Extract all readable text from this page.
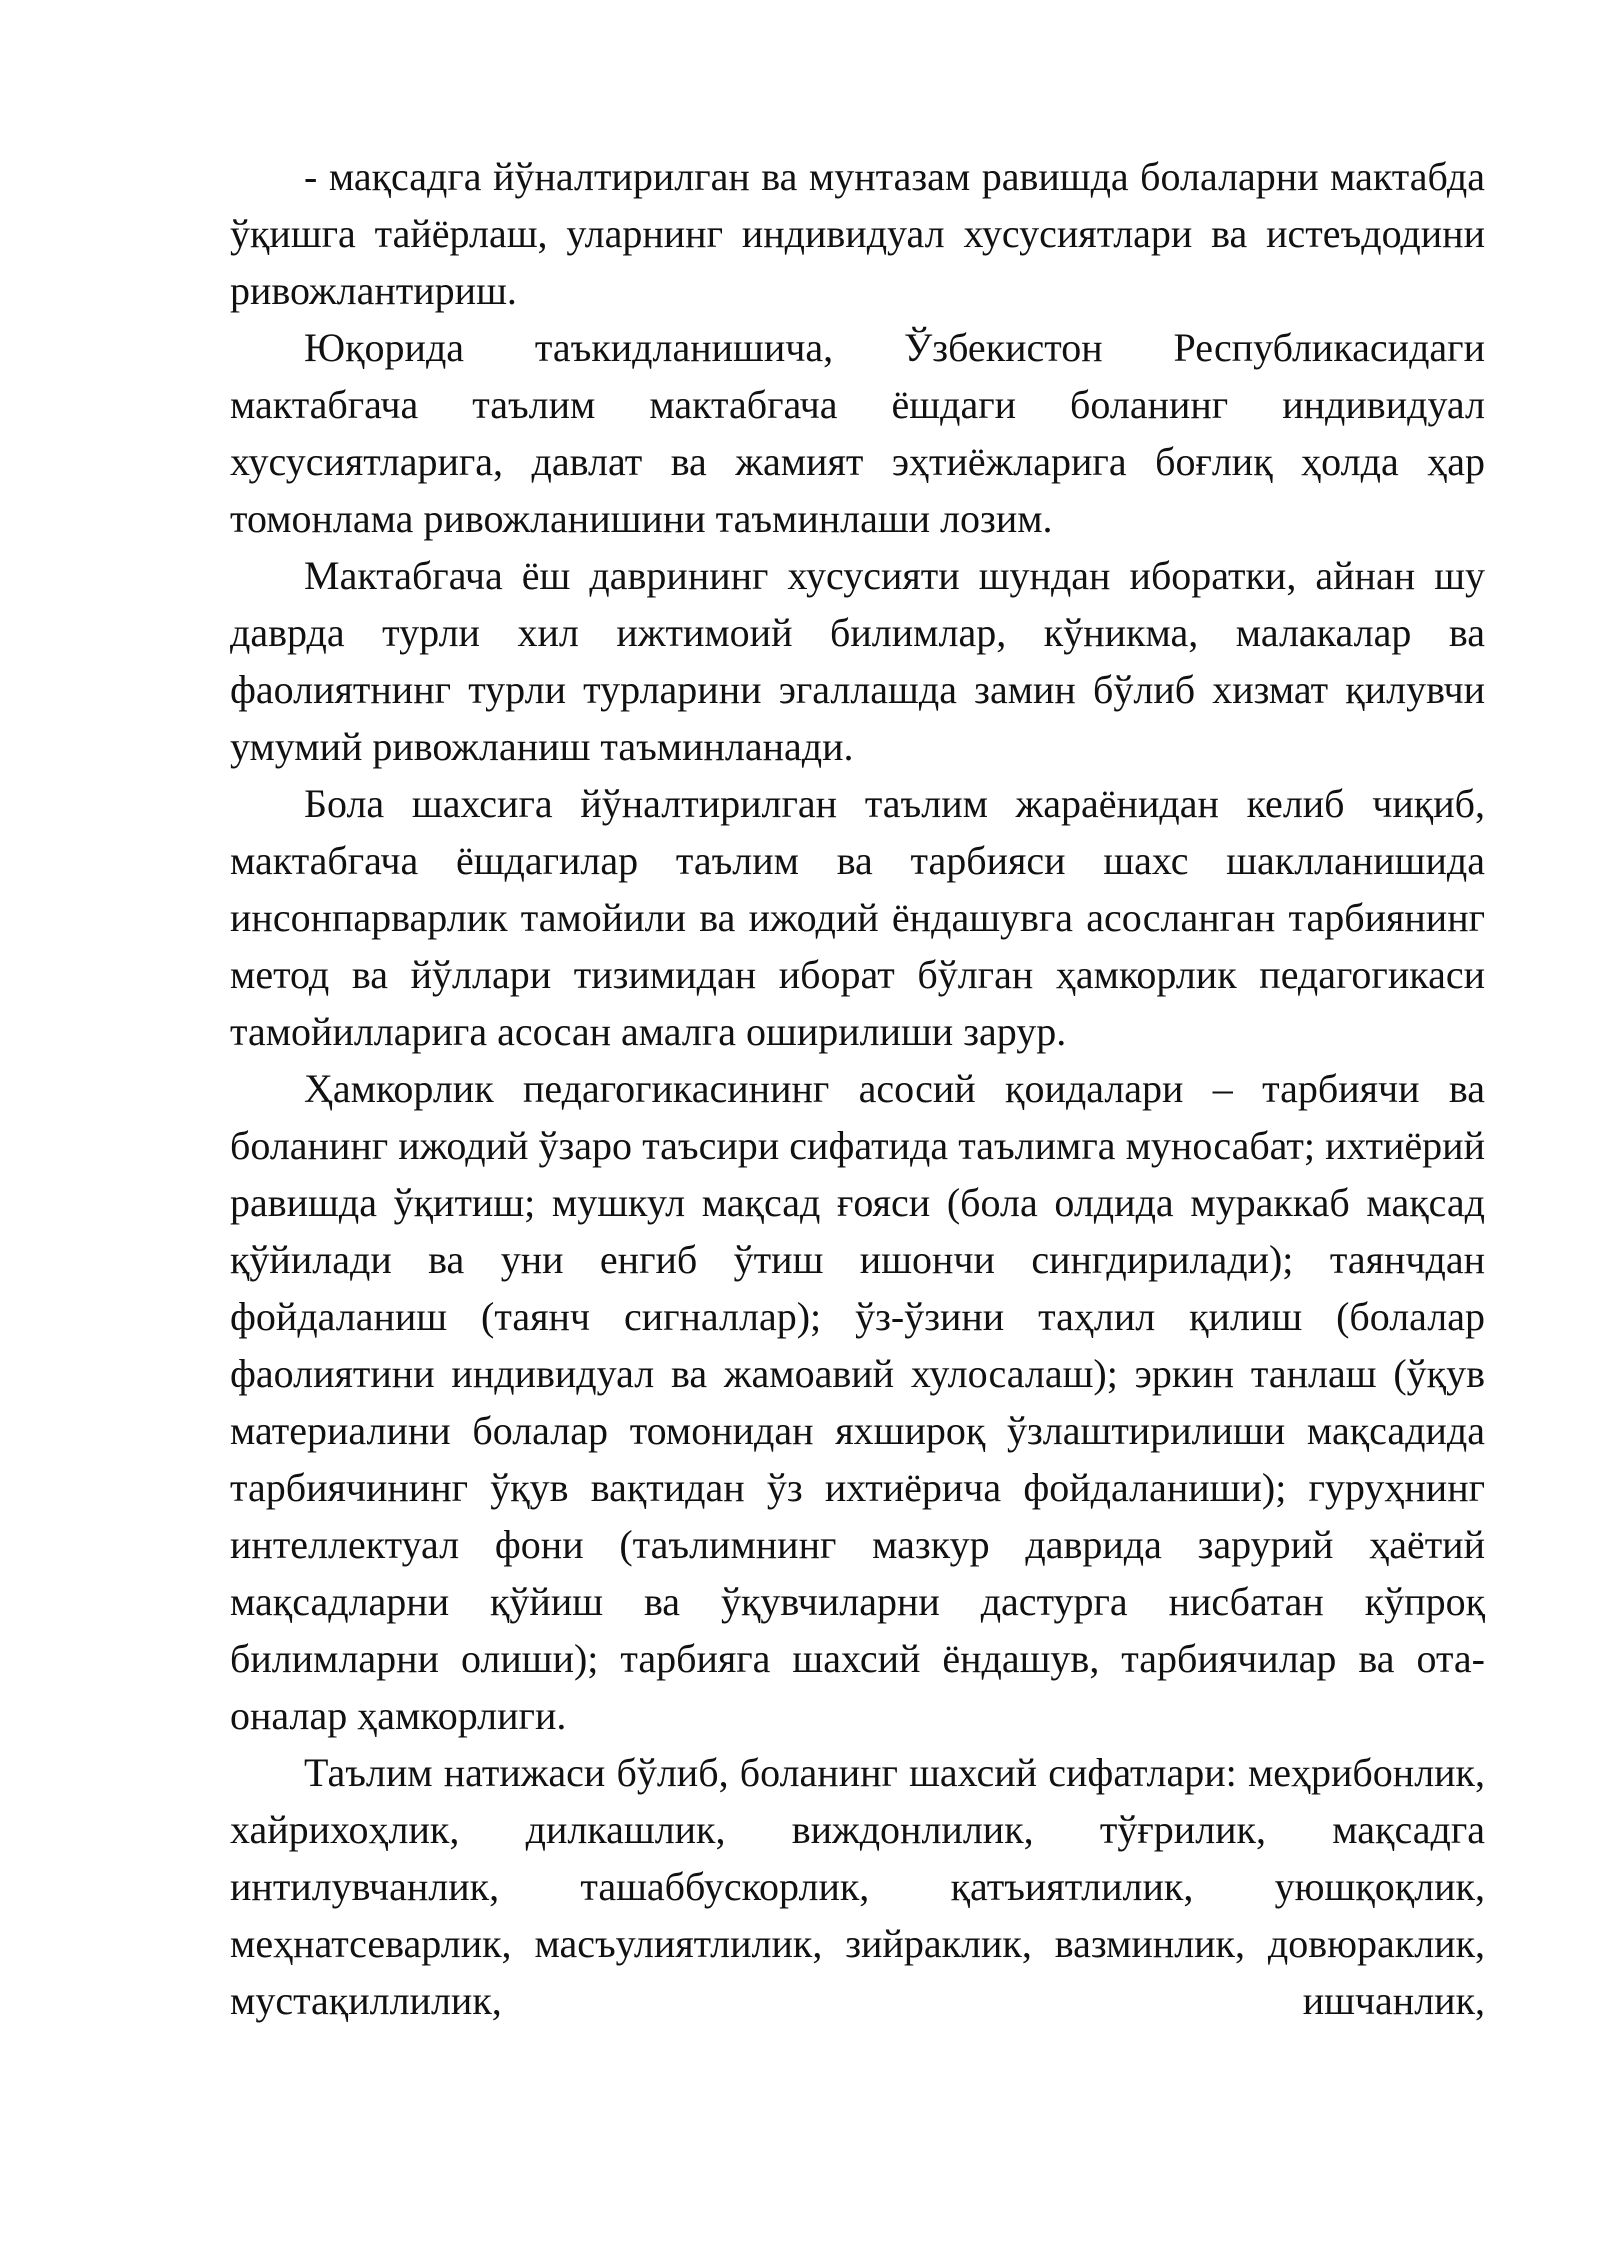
- мақсадга йўналтирилган ва мунтазам равишда болаларни мактабда ўқишга тайёрлаш, уларнинг индивидуал хусусиятлари ва истеъдодини ривожлантириш.

Юқорида таъкидланишича, Ўзбекистон Республикасидаги мактабгача таълим мактабгача ёшдаги боланинг индивидуал хусусиятларига, давлат ва жамият эҳтиёжларига боғлиқ ҳолда ҳар томонлама ривожланишини таъминлаши лозим.

Мактабгача ёш даврининг хусусияти шундан иборатки, айнан шу даврда турли хил ижтимоий билимлар, кўникма, малакалар ва фаолиятнинг турли турларини эгаллашда замин бўлиб хизмат қилувчи умумий ривожланиш таъминланади.

Бола шахсига йўналтирилган таълим жараёнидан келиб чиқиб, мактабгача ёшдагилар таълим ва тарбияси шахс шаклланишида инсонпарварлик тамойили ва ижодий ёндашувга асосланган тарбиянинг метод ва йўллари тизимидан иборат бўлган ҳамкорлик педагогикаси тамойилларига асосан амалга оширилиши зарур.

Ҳамкорлик педагогикасининг асосий қоидалари – тарбиячи ва боланинг ижодий ўзаро таъсири сифатида таълимга муносабат; ихтиёрий равишда ўқитиш; мушкул мақсад ғояси (бола олдида мураккаб мақсад қўйилади ва уни енгиб ўтиш ишончи сингдирилади); таянчдан фойдаланиш (таянч сигналлар); ўз-ўзини таҳлил қилиш (болалар фаолиятини индивидуал ва жамоавий хулосалаш); эркин танлаш (ўқув материалини болалар томонидан яхшироқ ўзлаштирилиши мақсадида тарбиячининг ўқув вақтидан ўз ихтиёрича фойдаланиши); гуруҳнинг интеллектуал фони (таълимнинг мазкур даврида зарурий ҳаётий мақсадларни қўйиш ва ўқувчиларни дастурга нисбатан кўпроқ билимларни олиши); тарбияга шахсий ёндашув, тарбиячилар ва ота-оналар ҳамкорлиги.

Таълим натижаси бўлиб, боланинг шахсий сифатлари: меҳрибонлик, хайрихоҳлик, дилкашлик, виждонлилик, тўғрилик, мақсадга интилувчанлик, ташаббускорлик, қатъиятлилик, уюшқоқлик, меҳнатсеварлик, масъулиятлилик, зийраклик, вазминлик, довюраклик, мустақиллилик, ишчанлик,
